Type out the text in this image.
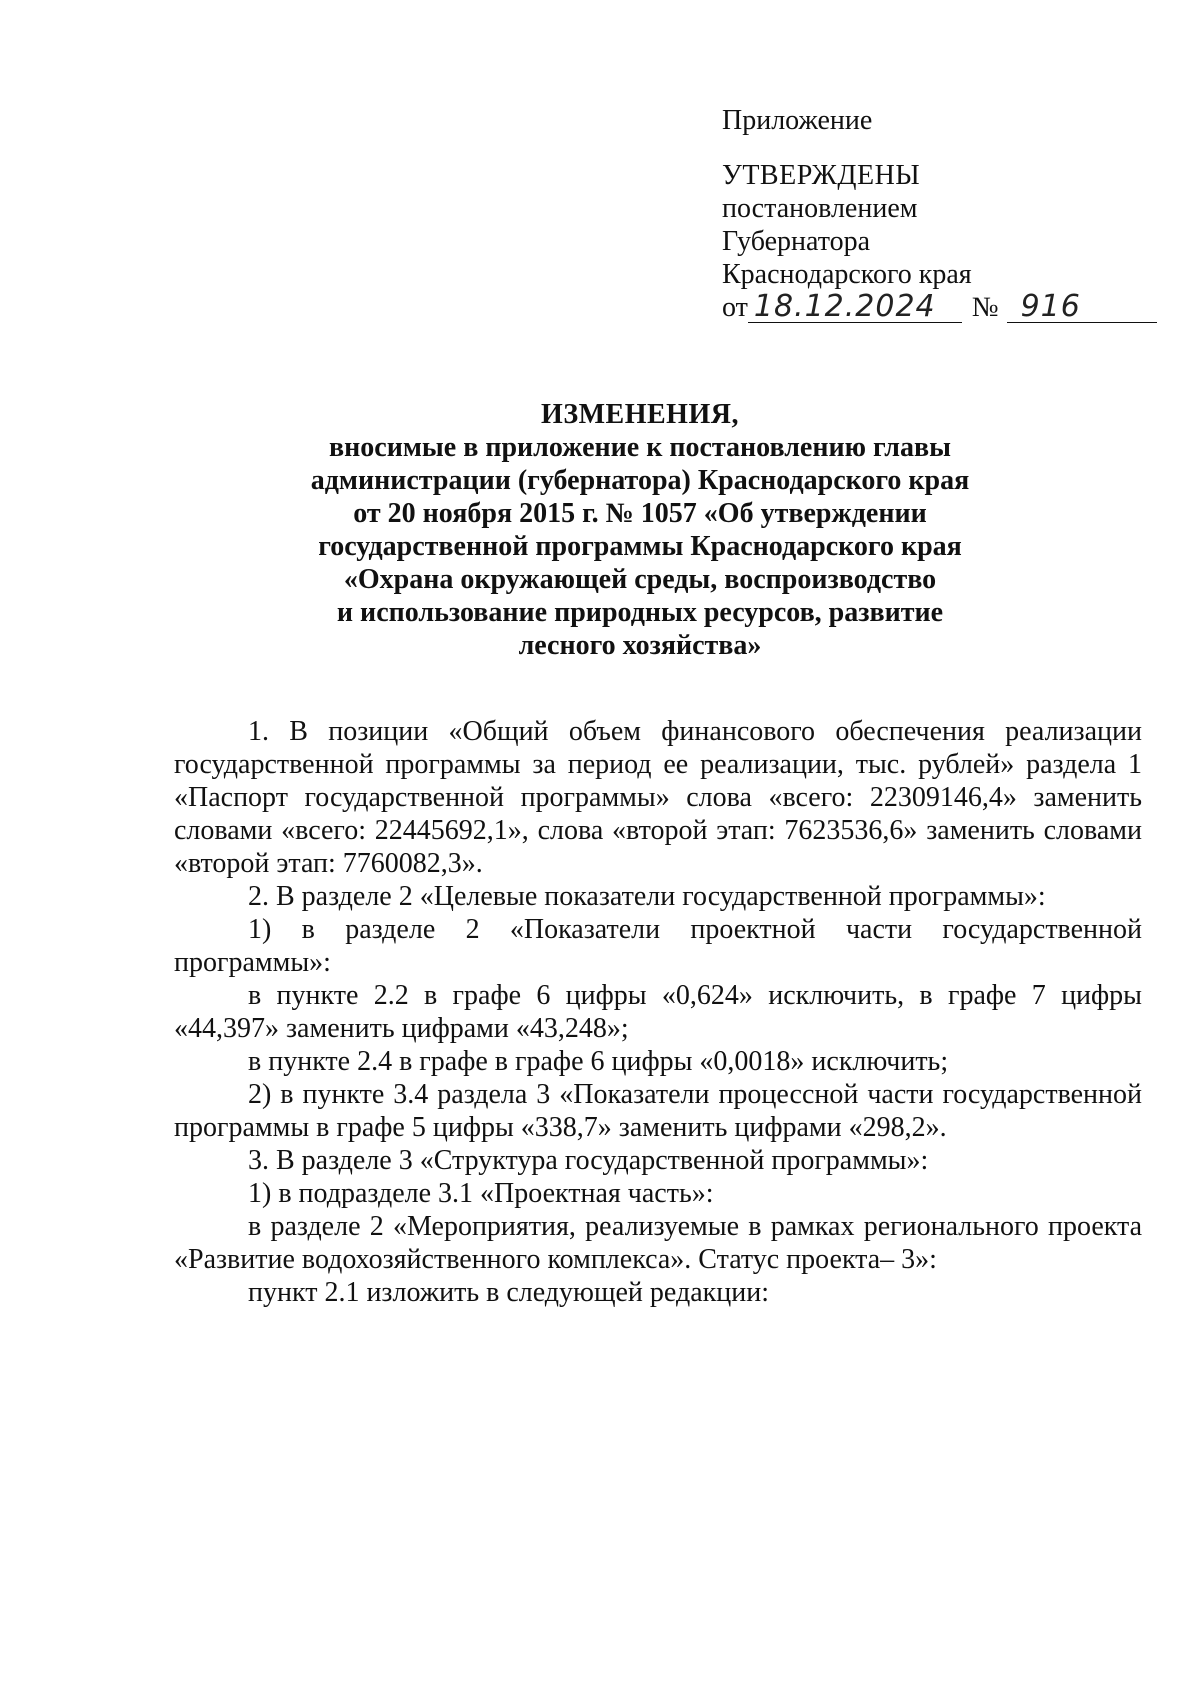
Приложение
УТВЕРЖДЕНЫ
постановлением
Губернатора
Краснодарского края
от 18.12.2024 № 916
ИЗМЕНЕНИЯ,
вносимые в приложение к постановлению главы
администрации (губернатора) Краснодарского края
от 20 ноября 2015 г. № 1057 «Об утверждении
государственной программы Краснодарского края
«Охрана окружающей среды, воспроизводство
и использование природных ресурсов, развитие
лесного хозяйства»

1. В позиции «Общий объем финансового обеспечения реализации государственной программы за период ее реализации, тыс. рублей» раздела 1 «Паспорт государственной программы» слова «всего: 22309146,4» заменить словами «всего: 22445692,1», слова «второй этап: 7623536,6» заменить словами «второй этап: 7760082,3».

2. В разделе 2 «Целевые показатели государственной программы»:

1) в разделе 2 «Показатели проектной части государственной программы»:

в пункте 2.2 в графе 6 цифры «0,624» исключить, в графе 7 цифры «44,397» заменить цифрами «43,248»;

в пункте 2.4 в графе в графе 6 цифры «0,0018» исключить;

2) в пункте 3.4 раздела 3 «Показатели процессной части государственной программы в графе 5 цифры «338,7» заменить цифрами «298,2».

3. В разделе 3 «Структура государственной программы»:

1) в подразделе 3.1 «Проектная часть»:

в разделе 2 «Мероприятия, реализуемые в рамках регионального проекта «Развитие водохозяйственного комплекса». Статус проекта– 3»:

пункт 2.1 изложить в следующей редакции:
